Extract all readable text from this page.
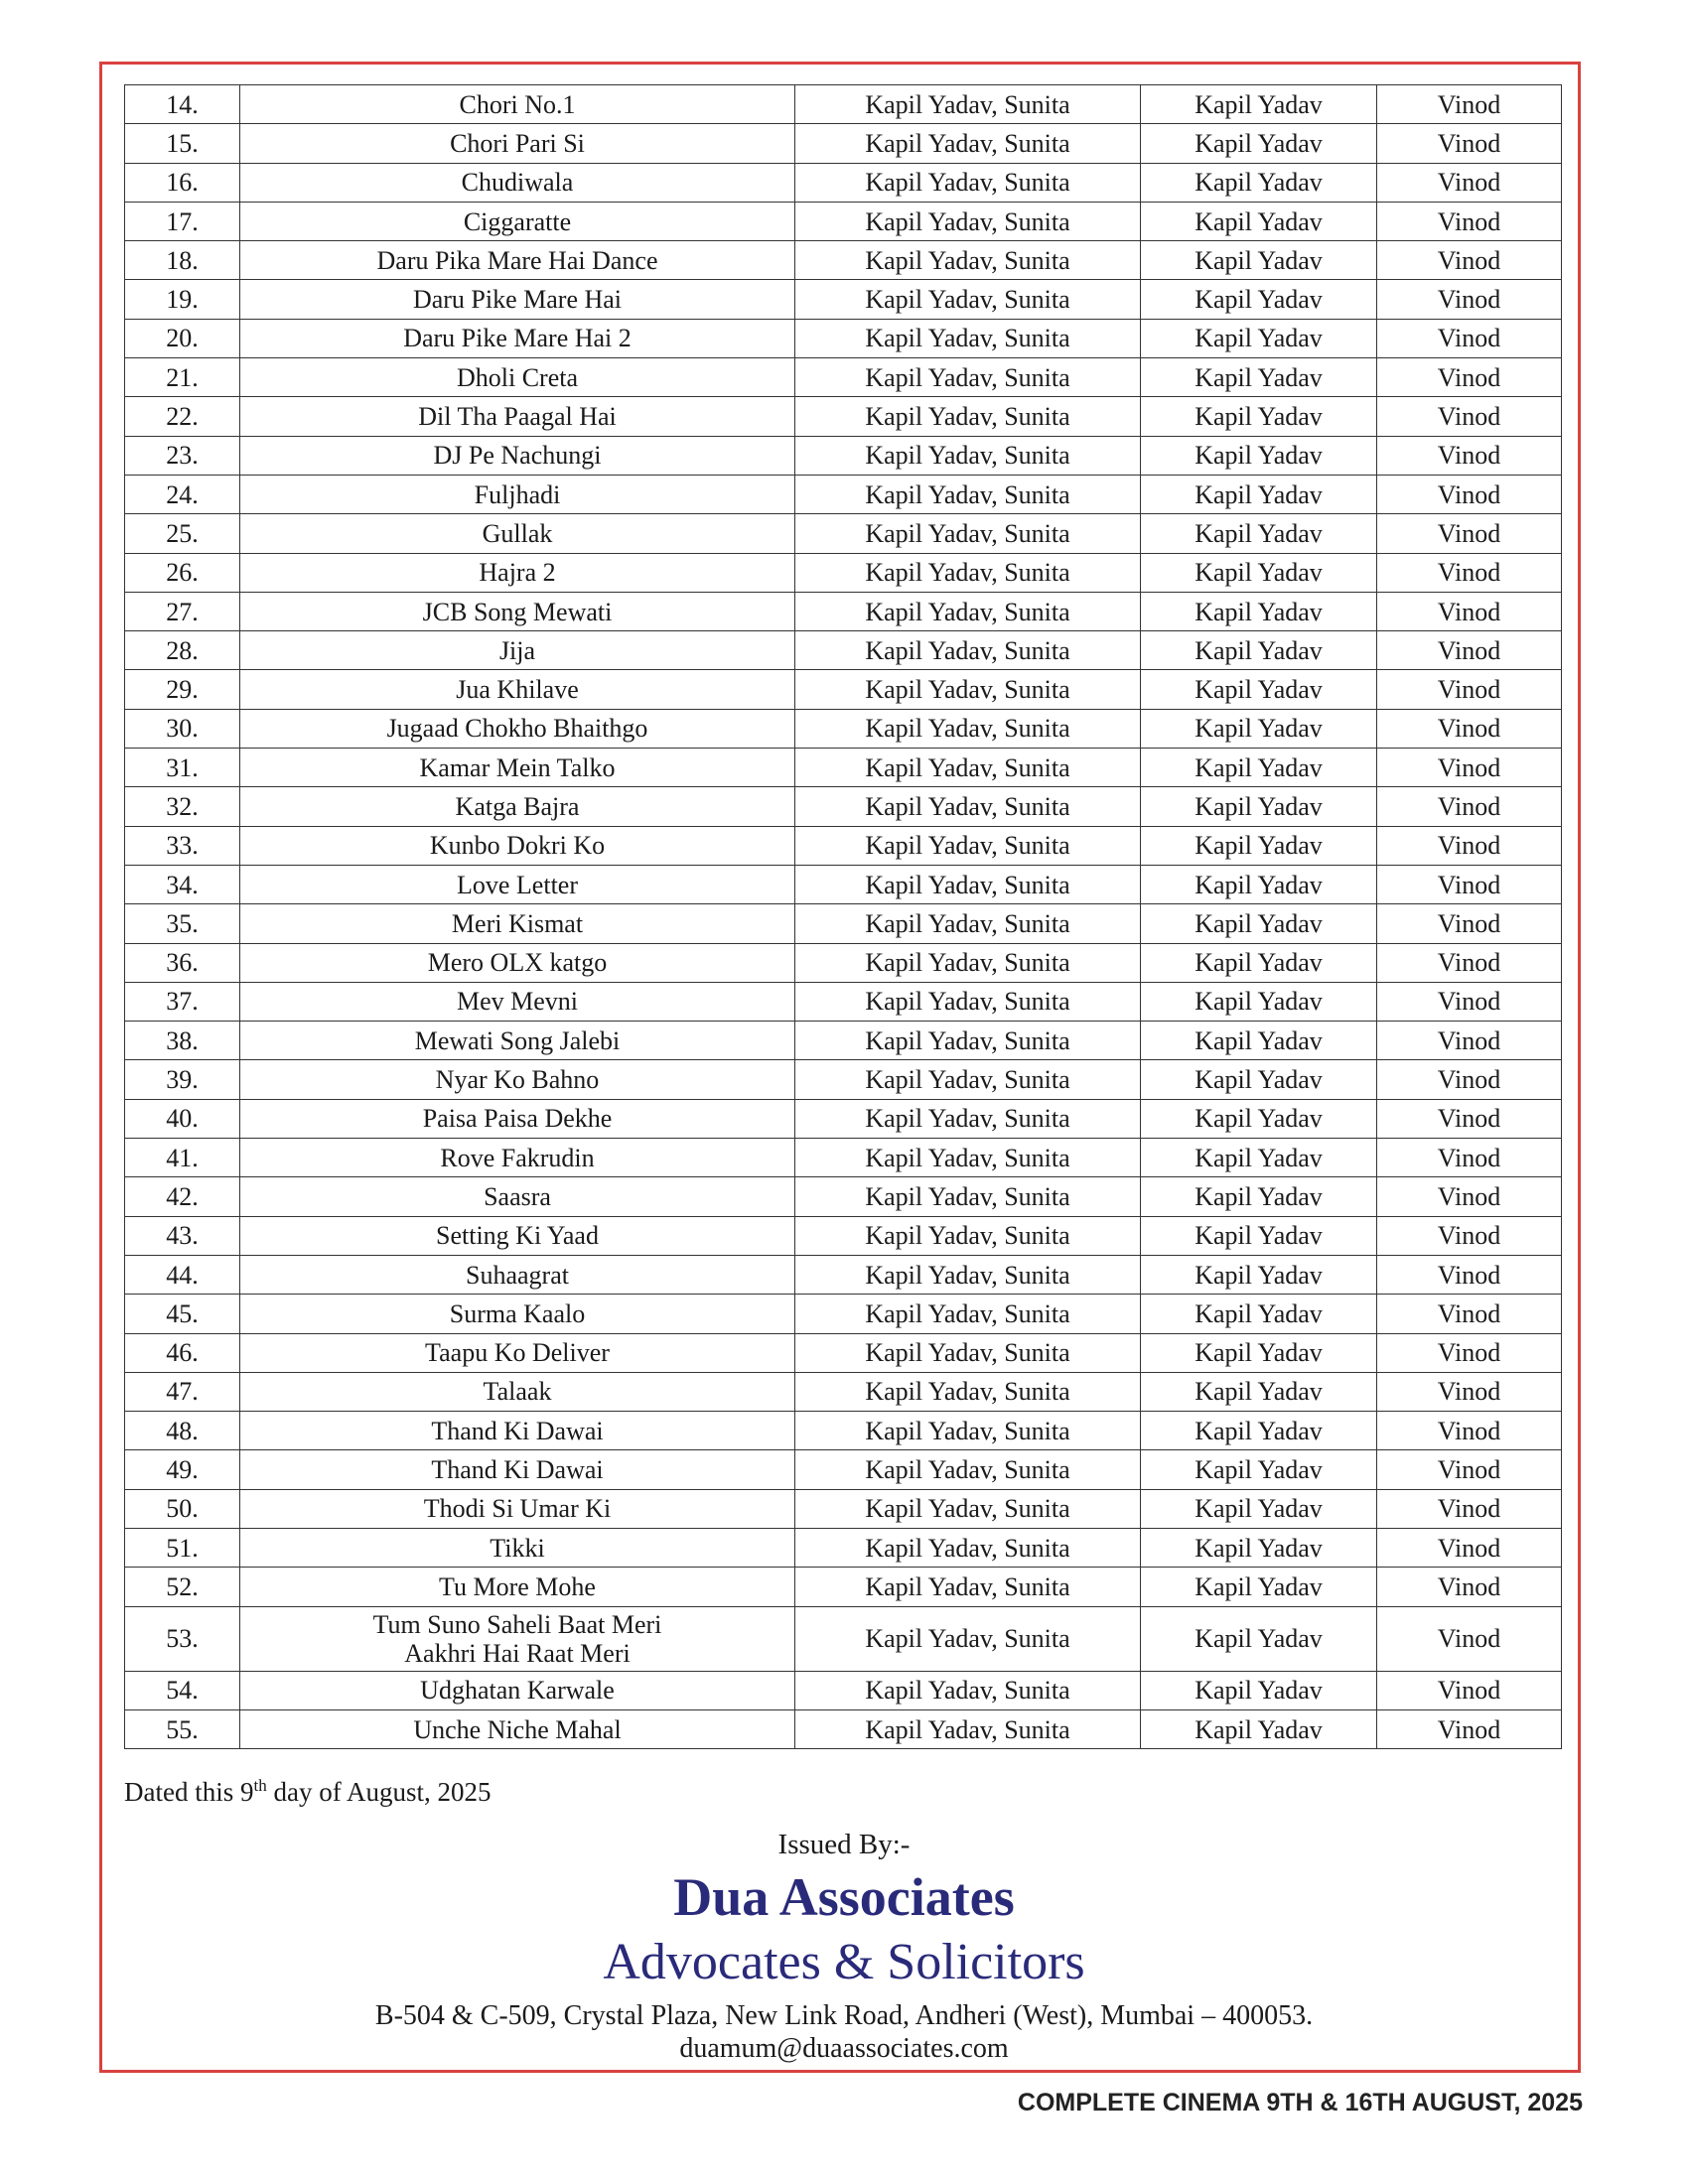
14.	Chori No.1	Kapil Yadav, Sunita	Kapil Yadav	Vinod
15.	Chori Pari Si	Kapil Yadav, Sunita	Kapil Yadav	Vinod
16.	Chudiwala	Kapil Yadav, Sunita	Kapil Yadav	Vinod
17.	Ciggaratte	Kapil Yadav, Sunita	Kapil Yadav	Vinod
18.	Daru Pika Mare Hai Dance	Kapil Yadav, Sunita	Kapil Yadav	Vinod
19.	Daru Pike Mare Hai	Kapil Yadav, Sunita	Kapil Yadav	Vinod
20.	Daru Pike Mare Hai 2	Kapil Yadav, Sunita	Kapil Yadav	Vinod
21.	Dholi Creta	Kapil Yadav, Sunita	Kapil Yadav	Vinod
22.	Dil Tha Paagal Hai	Kapil Yadav, Sunita	Kapil Yadav	Vinod
23.	DJ Pe Nachungi	Kapil Yadav, Sunita	Kapil Yadav	Vinod
24.	Fuljhadi	Kapil Yadav, Sunita	Kapil Yadav	Vinod
25.	Gullak	Kapil Yadav, Sunita	Kapil Yadav	Vinod
26.	Hajra 2	Kapil Yadav, Sunita	Kapil Yadav	Vinod
27.	JCB Song Mewati	Kapil Yadav, Sunita	Kapil Yadav	Vinod
28.	Jija	Kapil Yadav, Sunita	Kapil Yadav	Vinod
29.	Jua Khilave	Kapil Yadav, Sunita	Kapil Yadav	Vinod
30.	Jugaad Chokho Bhaithgo	Kapil Yadav, Sunita	Kapil Yadav	Vinod
31.	Kamar Mein Talko	Kapil Yadav, Sunita	Kapil Yadav	Vinod
32.	Katga Bajra	Kapil Yadav, Sunita	Kapil Yadav	Vinod
33.	Kunbo Dokri Ko	Kapil Yadav, Sunita	Kapil Yadav	Vinod
34.	Love Letter	Kapil Yadav, Sunita	Kapil Yadav	Vinod
35.	Meri Kismat	Kapil Yadav, Sunita	Kapil Yadav	Vinod
36.	Mero OLX katgo	Kapil Yadav, Sunita	Kapil Yadav	Vinod
37.	Mev Mevni	Kapil Yadav, Sunita	Kapil Yadav	Vinod
38.	Mewati Song Jalebi	Kapil Yadav, Sunita	Kapil Yadav	Vinod
39.	Nyar Ko Bahno	Kapil Yadav, Sunita	Kapil Yadav	Vinod
40.	Paisa Paisa Dekhe	Kapil Yadav, Sunita	Kapil Yadav	Vinod
41.	Rove Fakrudin	Kapil Yadav, Sunita	Kapil Yadav	Vinod
42.	Saasra	Kapil Yadav, Sunita	Kapil Yadav	Vinod
43.	Setting Ki Yaad	Kapil Yadav, Sunita	Kapil Yadav	Vinod
44.	Suhaagrat	Kapil Yadav, Sunita	Kapil Yadav	Vinod
45.	Surma Kaalo	Kapil Yadav, Sunita	Kapil Yadav	Vinod
46.	Taapu Ko Deliver	Kapil Yadav, Sunita	Kapil Yadav	Vinod
47.	Talaak	Kapil Yadav, Sunita	Kapil Yadav	Vinod
48.	Thand Ki Dawai	Kapil Yadav, Sunita	Kapil Yadav	Vinod
49.	Thand Ki Dawai	Kapil Yadav, Sunita	Kapil Yadav	Vinod
50.	Thodi Si Umar Ki	Kapil Yadav, Sunita	Kapil Yadav	Vinod
51.	Tikki	Kapil Yadav, Sunita	Kapil Yadav	Vinod
52.	Tu More Mohe	Kapil Yadav, Sunita	Kapil Yadav	Vinod
53.	Tum Suno Saheli Baat Meri
Aakhri Hai Raat Meri	Kapil Yadav, Sunita	Kapil Yadav	Vinod
54.	Udghatan Karwale	Kapil Yadav, Sunita	Kapil Yadav	Vinod
55.	Unche Niche Mahal	Kapil Yadav, Sunita	Kapil Yadav	Vinod
Dated this 9th day of August, 2025
Issued By:-
Dua Associates
Advocates & Solicitors
B-504 & C-509, Crystal Plaza, New Link Road, Andheri (West), Mumbai – 400053.
duamum@duaassociates.com
COMPLETE CINEMA 9TH & 16TH AUGUST, 2025
